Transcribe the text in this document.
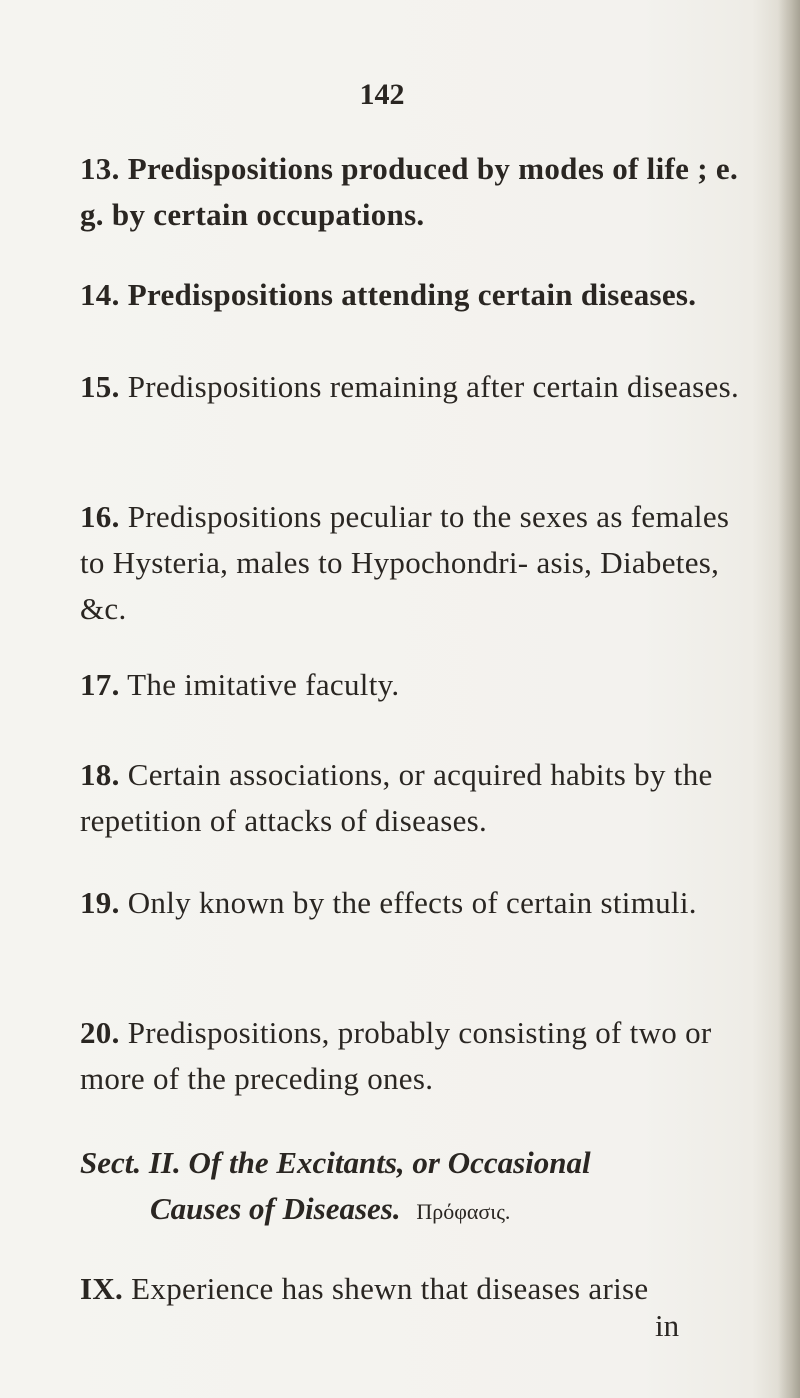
142

13. Predispositions produced by modes of life ; e. g. by certain occupations.

14. Predispositions attending certain diseases.

15. Predispositions remaining after certain diseases.

16. Predispositions peculiar to the sexes as females to Hysteria, males to Hypochondri- asis, Diabetes, &c.

17. The imitative faculty.

18. Certain associations, or acquired habits by the repetition of attacks of diseases.

19. Only known by the effects of certain stimuli.

20. Predispositions, probably consisting of two or more of the preceding ones.

Sect. II. Of the Excitants, or Occasional
Causes of Diseases. Πρόφασις.

IX. Experience has shewn that diseases arise

in
